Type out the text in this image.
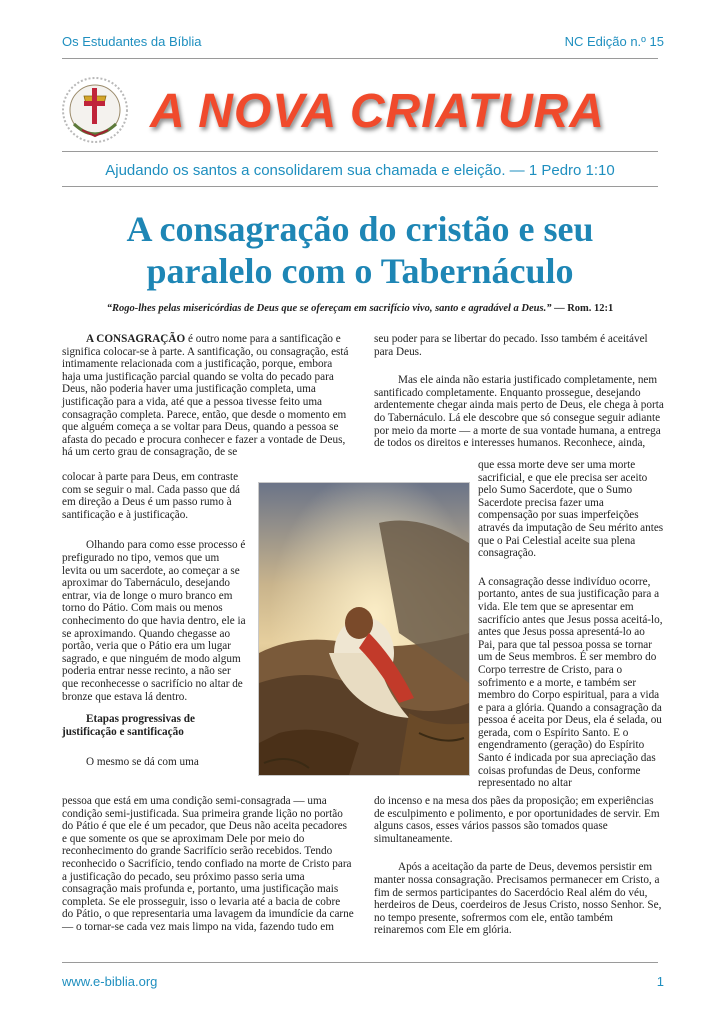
Os Estudantes da Bíblia	NC Edição n.º 15
A NOVA CRIATURA
Ajudando os santos a consolidarem sua chamada e eleição. — 1 Pedro 1:10
A consagração do cristão e seu
paralelo com o Tabernáculo
“Rogo-lhes pelas misericórdias de Deus que se ofereçam em sacrifício vivo, santo e agradável a Deus.” — Rom. 12:1

A CONSAGRAÇÃO é outro nome para a santificação e significa colocar-se à parte. A santificação, ou consagração, está intimamente relacionada com a justificação, porque, embora haja uma justificação parcial quando se volta do pecado para Deus, não poderia haver uma justificação completa, uma justificação para a vida, até que a pessoa tivesse feito uma consagração completa. Parece, então, que desde o momento em que alguém começa a se voltar para Deus, quando a pessoa se afasta do pecado e procura conhecer e fazer a vontade de Deus, há um certo grau de consagração, de se

colocar à parte para Deus, em contraste com se seguir o mal. Cada passo que dá em direção a Deus é um passo rumo à santificação e à justificação.

Olhando para como esse processo é prefigurado no tipo, vemos que um levita ou um sacerdote, ao começar a se aproximar do Tabernáculo, desejando entrar, via de longe o muro branco em torno do Pátio. Com mais ou menos conhecimento do que havia dentro, ele ia se aproximando. Quando chegasse ao portão, veria que o Pátio era um lugar sagrado, e que ninguém de modo algum poderia entrar nesse recinto, a não ser que reconhecesse o sacrifício no altar de bronze que estava lá dentro.

Etapas progressivas de justificação e santificação

O mesmo se dá com uma

pessoa que está em uma condição semi-consagrada — uma condição semi-justificada. Sua primeira grande lição no portão do Pátio é que ele é um pecador, que Deus não aceita pecadores e que somente os que se aproximam Dele por meio do reconhecimento do grande Sacrifício serão recebidos. Tendo reconhecido o Sacrifício, tendo confiado na morte de Cristo para a justificação do pecado, seu próximo passo seria uma consagração mais profunda e, portanto, uma justificação mais completa. Se ele prosseguir, isso o levaria até a bacia de cobre do Pátio, o que representaria uma lavagem da imundície da carne — o tornar-se cada vez mais limpo na vida, fazendo tudo em

seu poder para se libertar do pecado. Isso também é aceitável para Deus.

Mas ele ainda não estaria justificado completamente, nem santificado completamente. Enquanto prossegue, desejando ardentemente chegar ainda mais perto de Deus, ele chega à porta do Tabernáculo. Lá ele descobre que só consegue seguir adiante por meio da morte — a morte de sua vontade humana, a entrega de todos os direitos e interesses humanos. Reconhece, ainda,

que essa morte deve ser uma morte sacrificial, e que ele precisa ser aceito pelo Sumo Sacerdote, que o Sumo Sacerdote precisa fazer uma compensação por suas imperfeições através da imputação de Seu mérito antes que o Pai Celestial aceite sua plena consagração.

A consagração desse indivíduo ocorre, portanto, antes de sua justificação para a vida. Ele tem que se apresentar em sacrifício antes que Jesus possa aceitá-lo, antes que Jesus possa apresentá-lo ao Pai, para que tal pessoa possa se tornar um de Seus membros. É ser membro do Corpo terrestre de Cristo, para o sofrimento e a morte, e também ser membro do Corpo espiritual, para a vida e para a glória. Quando a consagração da pessoa é aceita por Deus, ela é selada, ou gerada, com o Espírito Santo. E o engendramento (geração) do Espírito Santo é indicada por sua apreciação das coisas profundas de Deus, conforme representado no altar

do incenso e na mesa dos pães da proposição; em experiências de esculpimento e polimento, e por oportunidades de servir. Em alguns casos, esses vários passos são tomados quase simultaneamente.

Após a aceitação da parte de Deus, devemos persistir em manter nossa consagração. Precisamos permanecer em Cristo, a fim de sermos participantes do Sacerdócio Real além do véu, herdeiros de Deus, coerdeiros de Jesus Cristo, nosso Senhor. Se, no tempo presente, sofrermos com ele, então também reinaremos com Ele em glória.

www.e-biblia.org	1
